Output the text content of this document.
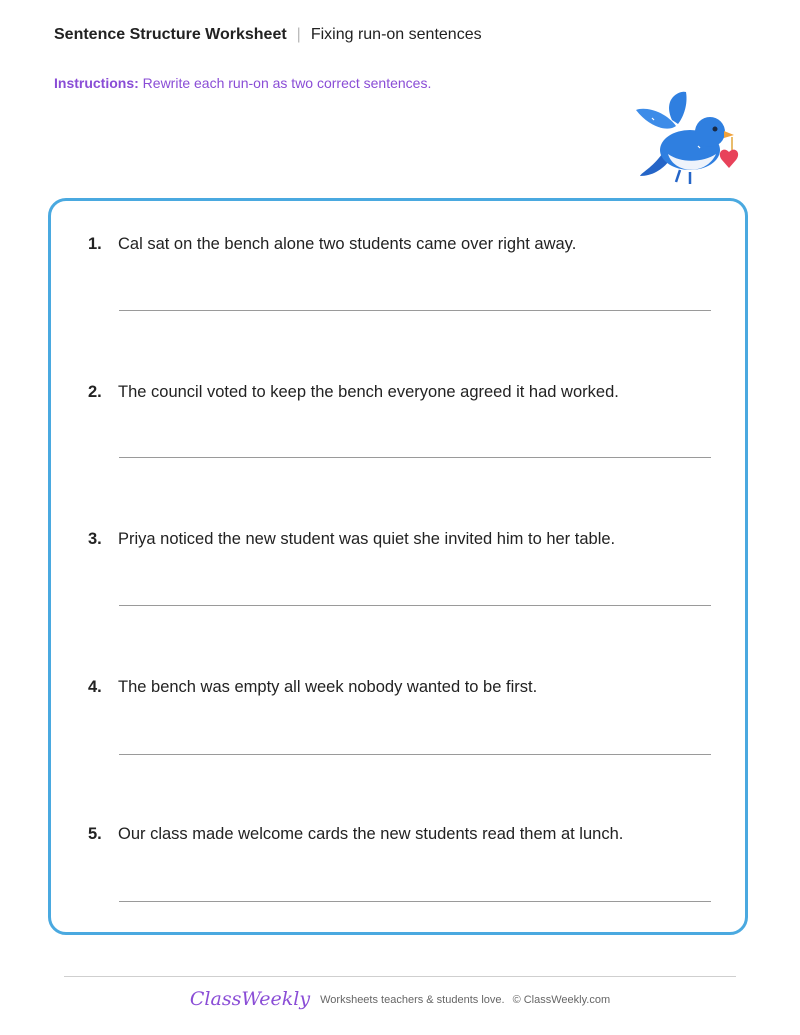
Sentence Structure Worksheet | Fixing run-on sentences
Instructions: Rewrite each run-on as two correct sentences.
1. Cal sat on the bench alone two students came over right away.
2. The council voted to keep the bench everyone agreed it had worked.
3. Priya noticed the new student was quiet she invited him to her table.
4. The bench was empty all week nobody wanted to be first.
5. Our class made welcome cards the new students read them at lunch.
ClassWeekly Worksheets teachers & students love. © ClassWeekly.com
